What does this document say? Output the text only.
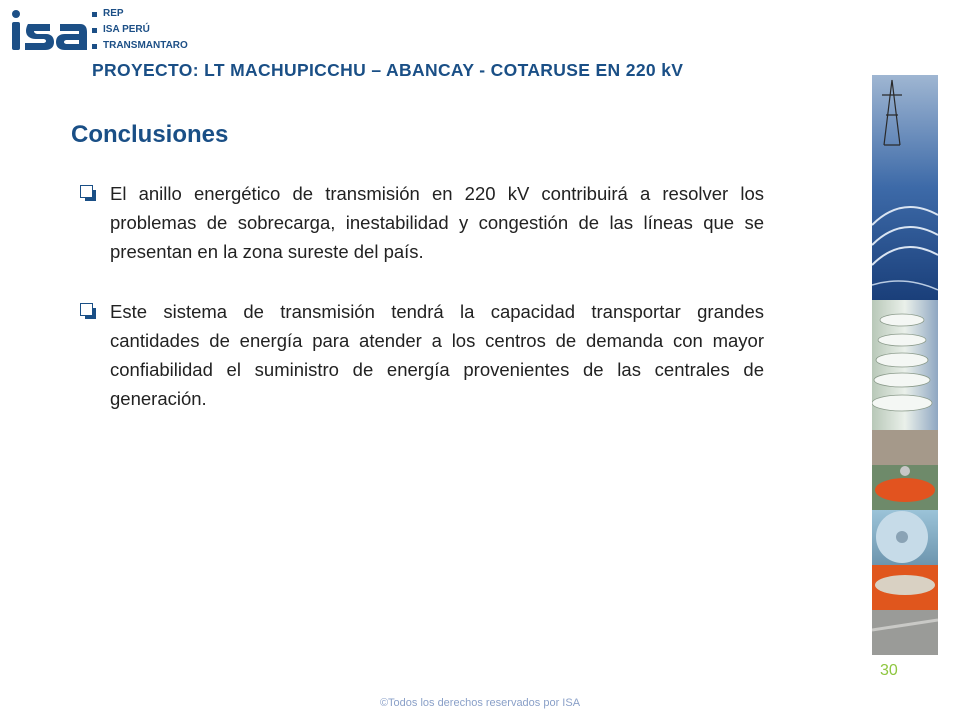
isa	REP
ISA PERÚ
TRANSMANTARO
PROYECTO: LT MACHUPICCHU – ABANCAY - COTARUSE EN 220 kV
Conclusiones

El anillo energético de transmisión en 220 kV contribuirá a resolver los problemas de sobrecarga, inestabilidad y congestión de las líneas que se presentan en la zona sureste del país.

Este sistema de transmisión tendrá la capacidad transportar grandes cantidades de energía para atender a los centros de demanda con mayor confiabilidad el suministro de energía provenientes de las centrales de generación.

30
©Todos los derechos reservados por ISA
